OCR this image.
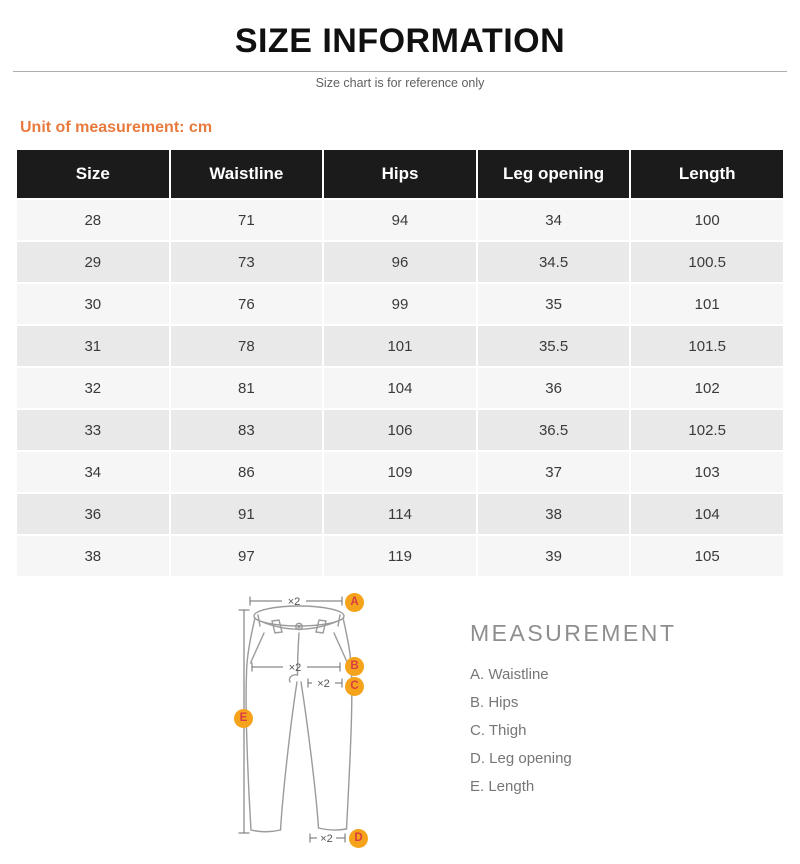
SIZE INFORMATION
Size chart is for reference only
Unit of measurement: cm
Size	Waistline	Hips	Leg opening	Length
28	71	94	34	100
29	73	96	34.5	100.5
30	76	99	35	101
31	78	101	35.5	101.5
32	81	104	36	102
33	83	106	36.5	102.5
34	86	109	37	103
36	91	114	38	104
38	97	119	39	105
×2
×2
×2
×2
A
B
C
D
E
MEASUREMENT
A. Waistline
B. Hips
C. Thigh
D. Leg opening
E. Length
